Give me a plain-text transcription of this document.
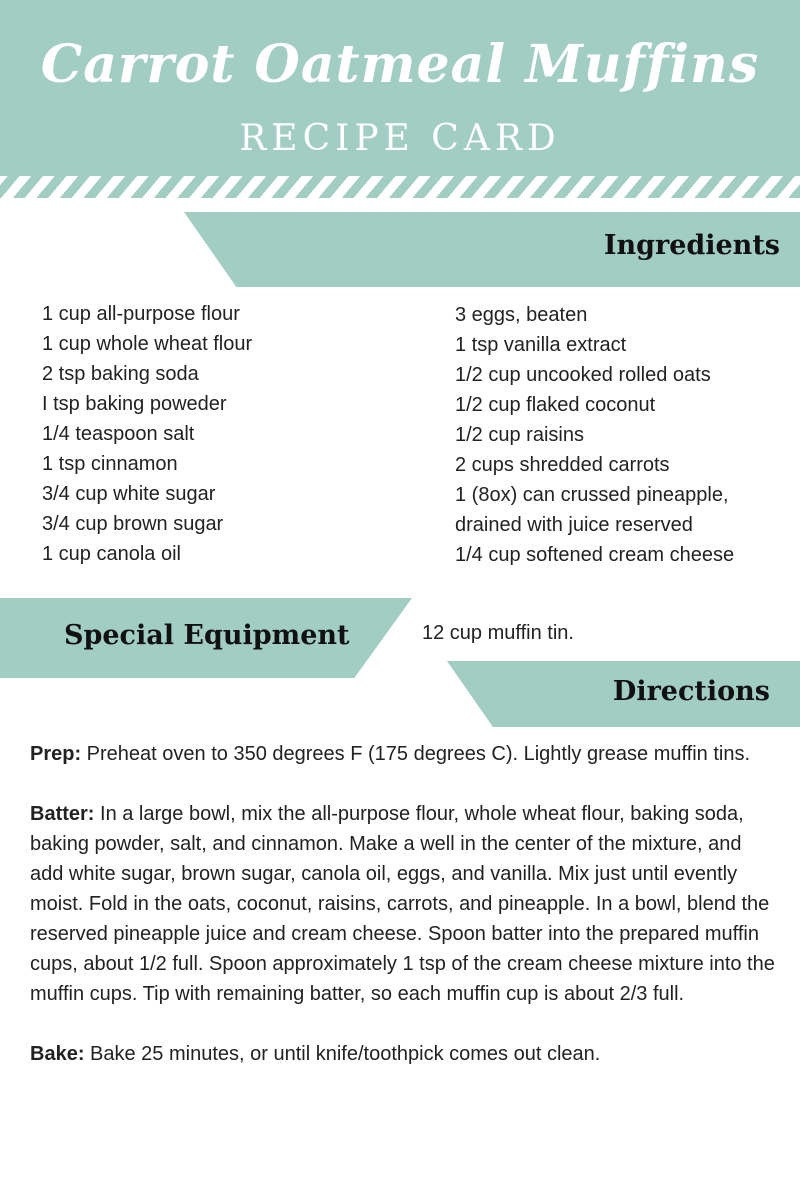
Carrot Oatmeal Muffins
RECIPE CARD
Ingredients
1 cup all-purpose flour
1 cup whole wheat flour
2 tsp baking soda
I tsp baking poweder
1/4 teaspoon salt
1 tsp cinnamon
3/4 cup white sugar
3/4 cup brown sugar
1 cup canola oil
3 eggs, beaten
1 tsp vanilla extract
1/2 cup uncooked rolled oats
1/2 cup flaked coconut
1/2 cup raisins
2 cups shredded carrots
1 (8ox) can crussed pineapple,
drained with juice reserved
1/4 cup softened cream cheese
Special Equipment	12 cup muffin tin.
Directions

Prep: Preheat oven to 350 degrees F (175 degrees C). Lightly grease muffin tins.

Batter: In a large bowl, mix the all-purpose flour, whole wheat flour, baking soda, baking powder, salt, and cinnamon. Make a well in the center of the mixture, and add white sugar, brown sugar, canola oil, eggs, and vanilla. Mix just until evently moist. Fold in the oats, coconut, raisins, carrots, and pineapple. In a bowl, blend the reserved pineapple juice and cream cheese. Spoon batter into the prepared muffin cups, about 1/2 full. Spoon approximately 1 tsp of the cream cheese mixture into the muffin cups. Tip with remaining batter, so each muffin cup is about 2/3 full.

Bake: Bake 25 minutes, or until knife/toothpick comes out clean.
